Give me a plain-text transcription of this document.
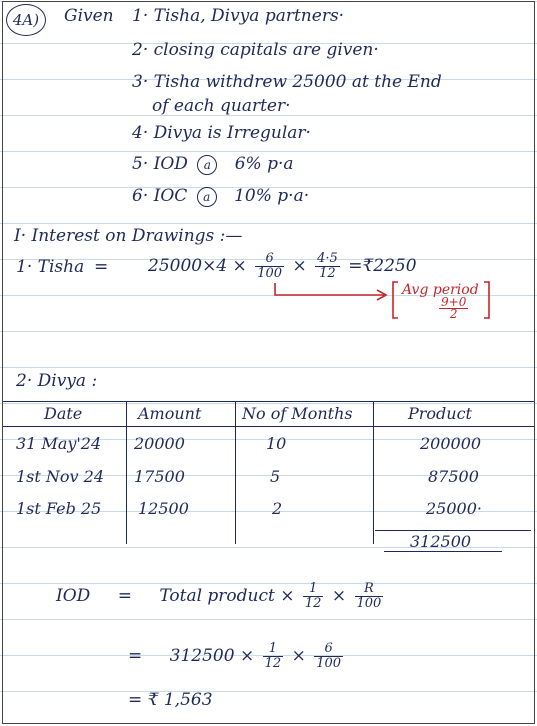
4A)	Given 1· Tisha, Divya partners·
2· closing capitals are given·
3· Tisha withdrew 25000 at the End
of each quarter·
4· Divya is Irregular·
5· IOD a 6% p·a
6· IOC a 10% p·a·
I· Interest on Drawings :—
1· Tisha = $25000\times 4 \times \frac{6}{100} \times \frac{4\cdot 5}{12}$ =₹2250
Avg period
$\frac{9+0}{2}$
2· Divya :
Date	Amount	No of Months	Product
31 May'24 20000	10	200000
1st Nov 24 17500	5	87500
1st Feb 25 12500	2	25000·
312500
IOD = Total product × $\frac{1}{12} \times \frac{R}{100}$
= $312500 \times \frac{1}{12} \times \frac{6}{100}$
= ₹ 1,563
